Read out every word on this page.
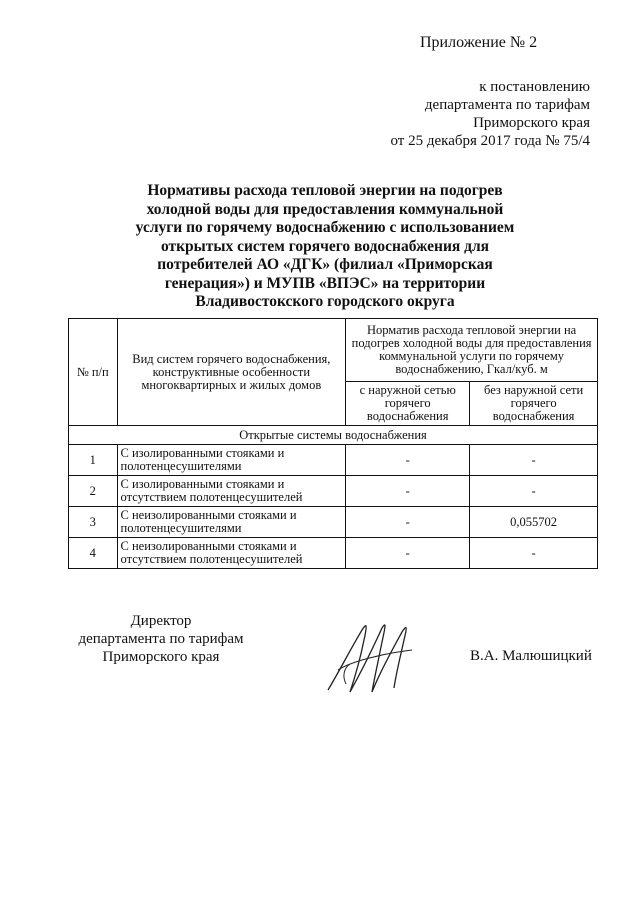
Приложение № 2
к постановлению
департамента по тарифам
Приморского края
от 25 декабря 2017 года № 75/4
Нормативы расхода тепловой энергии на подогрев
холодной воды для предоставления коммунальной
услуги по горячему водоснабжению с использованием
открытых систем горячего водоснабжения для
потребителей АО «ДГК» (филиал «Приморская
генерация») и МУПВ «ВПЭС» на территории
Владивостокского городского округа
№ п/п	Вид систем горячего водоснабжения, конструктивные особенности многоквартирных и жилых домов	Норматив расхода тепловой энергии на подогрев холодной воды для предоставления коммунальной услуги по горячему водоснабжению, Гкал/куб. м	
		с наружной сетью горячего водоснабжения	без наружной сети горячего водоснабжения
Открытые системы водоснабжения			
1	С изолированными стояками и полотенцесушителями	-	-
2	С изолированными стояками и отсутствием полотенцесушителей	-	-
3	С неизолированными стояками и полотенцесушителями	-	0,055702
4	С неизолированными стояками и отсутствием полотенцесушителей	-	-
Директор
департамента по тарифам
Приморского края	В.А. Малюшицкий
